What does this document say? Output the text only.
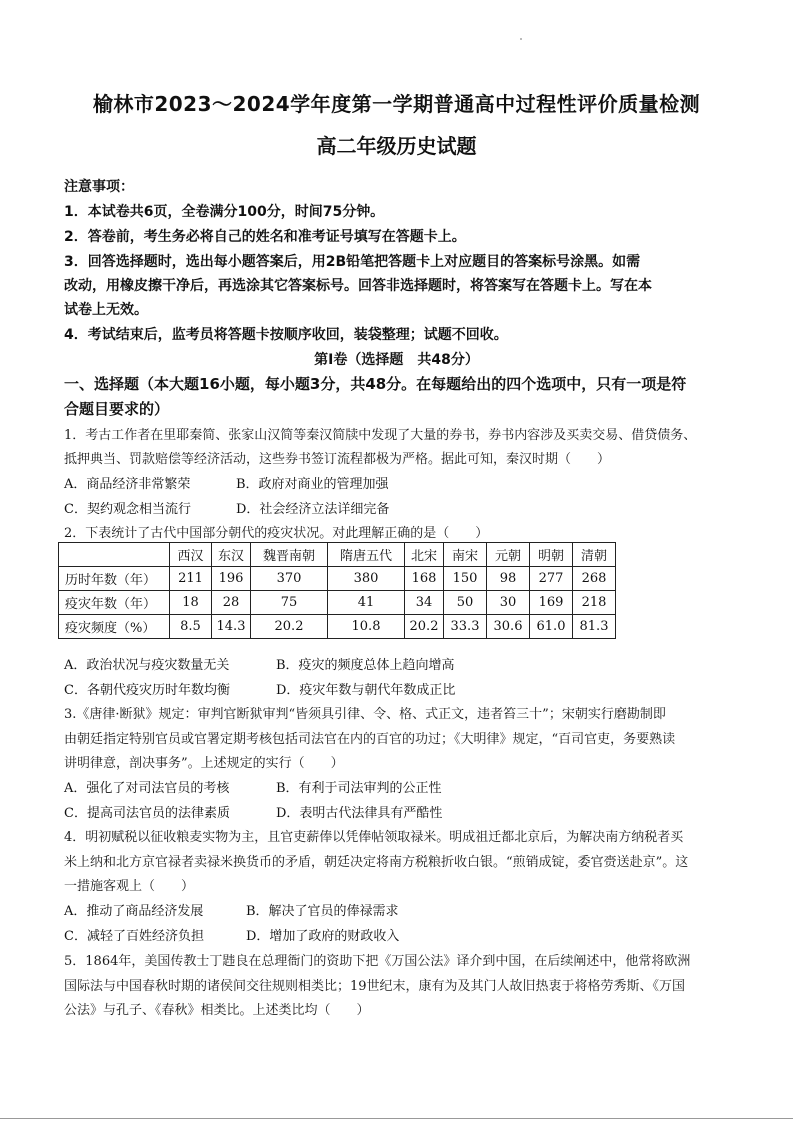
榆林市2023～2024学年度第一学期普通高中过程性评价质量检测
高二年级历史试题
注意事项：
1．本试卷共6页，全卷满分100分，时间75分钟。
2．答卷前，考生务必将自己的姓名和准考证号填写在答题卡上。
3．回答选择题时，选出每小题答案后，用2B铅笔把答题卡上对应题目的答案标号涂黑。如需
改动，用橡皮擦干净后，再选涂其它答案标号。回答非选择题时，将答案写在答题卡上。写在本
试卷上无效。
4．考试结束后，监考员将答题卡按顺序收回，装袋整理；试题不回收。
第Ⅰ卷（选择题　共48分）
一、选择题（本大题16小题，每小题3分，共48分。在每题给出的四个选项中，只有一项是符
合题目要求的）
1．考古工作者在里耶秦简、张家山汉简等秦汉简牍中发现了大量的券书，券书内容涉及买卖交易、借贷债务、
抵押典当、罚款赔偿等经济活动，这些券书签订流程都极为严格。据此可知，秦汉时期（　　）
A．商品经济非常繁荣	B．政府对商业的管理加强
C．契约观念相当流行	D．社会经济立法详细完备
2．下表统计了古代中国部分朝代的疫灾状况。对此理解正确的是（　　）
	西汉	东汉	魏晋南朝	隋唐五代	北宋	南宋	元朝	明朝	清朝
历时年数（年）	211	196	370	380	168	150	98	277	268
疫灾年数（年）	18	28	75	41	34	50	30	169	218
疫灾频度（%）	8.5	14.3	20.2	10.8	20.2	33.3	30.6	61.0	81.3
A．政治状况与疫灾数量无关	B．疫灾的频度总体上趋向增高
C．各朝代疫灾历时年数均衡	D．疫灾年数与朝代年数成正比
3.《唐律·断狱》规定：审判官断狱审判“皆须具引律、令、格、式正文，违者笞三十”；宋朝实行磨勘制即
由朝廷指定特别官员或官署定期考核包括司法官在内的百官的功过；《大明律》规定，“百司官吏，务要熟读
讲明律意，剖决事务”。上述规定的实行（　　）
A．强化了对司法官员的考核	B．有利于司法审判的公正性
C．提高司法官员的法律素质	D．表明古代法律具有严酷性
4．明初赋税以征收粮麦实物为主，且官吏薪俸以凭俸帖领取禄米。明成祖迁都北京后，为解决南方纳税者买
米上纳和北方京官禄者卖禄米换货币的矛盾，朝廷决定将南方税粮折收白银。“煎销成锭，委官赍送赴京”。这
一措施客观上（　　）
A．推动了商品经济发展	B．解决了官员的俸禄需求
C．减轻了百姓经济负担	D．增加了政府的财政收入
5．1864年，美国传教士丁韪良在总理衙门的资助下把《万国公法》译介到中国，在后续阐述中，他常将欧洲
国际法与中国春秋时期的诸侯间交往规则相类比；19世纪末，康有为及其门人故旧热衷于将格劳秀斯、《万国
公法》与孔子、《春秋》相类比。上述类比均（　　）
